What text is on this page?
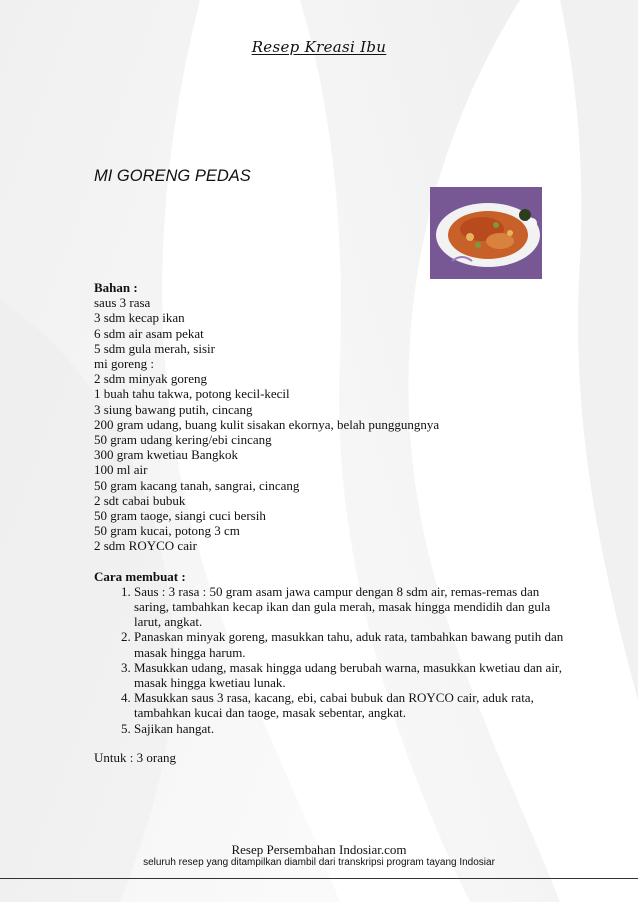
Resep Kreasi Ibu
MI GORENG PEDAS

Bahan :

saus 3 rasa
3 sdm kecap ikan
6 sdm air asam pekat
5 sdm gula merah, sisir
mi goreng :
2 sdm minyak goreng
1 buah tahu takwa, potong kecil-kecil
3 siung bawang putih, cincang
200 gram udang, buang kulit sisakan ekornya, belah punggungnya
50 gram udang kering/ebi cincang
300 gram kwetiau Bangkok
100 ml air
50 gram kacang tanah, sangrai, cincang
2 sdt cabai bubuk
50 gram taoge, siangi cuci bersih
50 gram kucai, potong 3 cm
2 sdm ROYCO cair

Cara membuat :

1. Saus : 3 rasa : 50 gram asam jawa campur dengan 8 sdm air, remas-remas dan saring, tambahkan kecap ikan dan gula merah, masak hingga mendidih dan gula larut, angkat.
2. Panaskan minyak goreng, masukkan tahu, aduk rata, tambahkan bawang putih dan masak hingga harum.
3. Masukkan udang, masak hingga udang berubah warna, masukkan kwetiau dan air, masak hingga kwetiau lunak.
4. Masukkan saus 3 rasa, kacang, ebi, cabai bubuk dan ROYCO cair, aduk rata, tambahkan kucai dan taoge, masak sebentar, angkat.
5. Sajikan hangat.

Untuk : 3 orang

Resep Persembahan Indosiar.com
seluruh resep yang ditampilkan diambil dari transkripsi program tayang Indosiar
